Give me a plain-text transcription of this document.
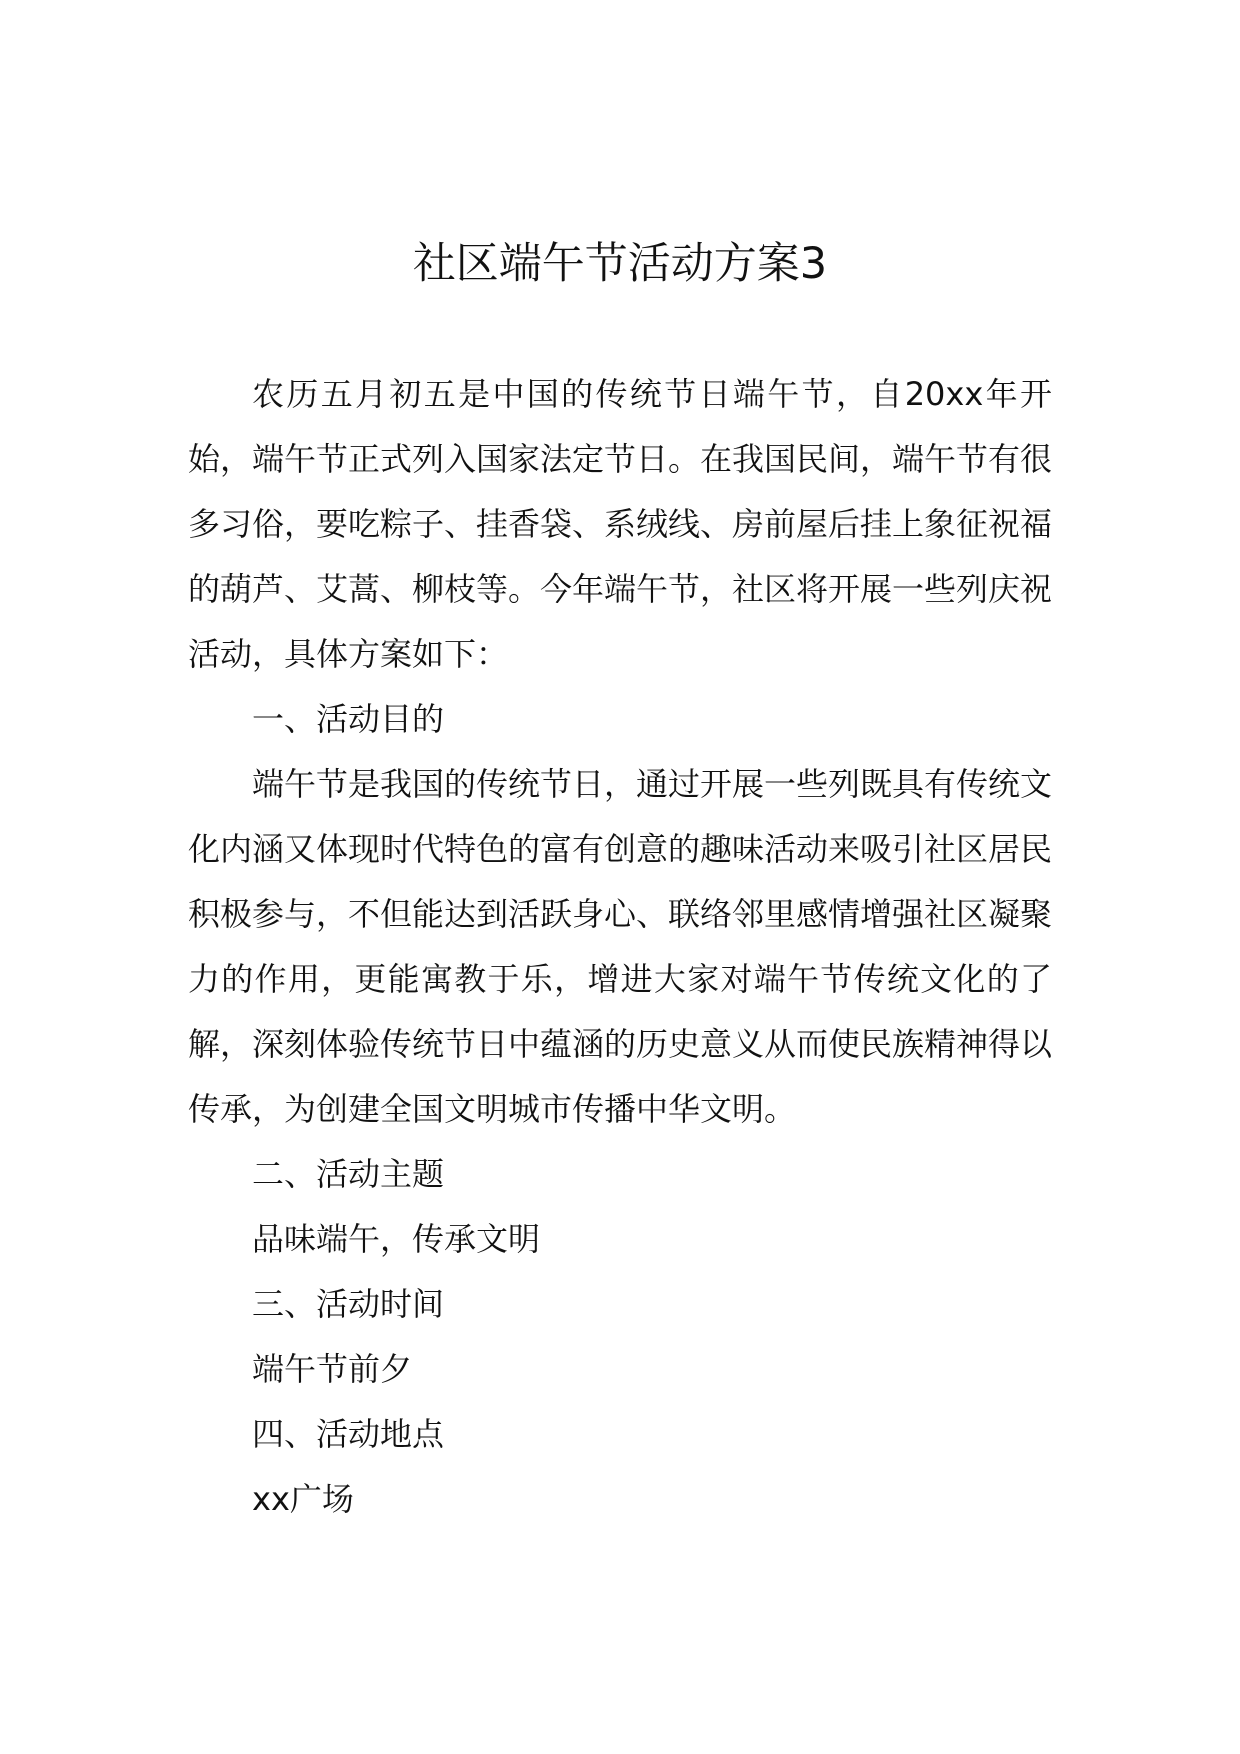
社区端午节活动方案3

农历五月初五是中国的传统节日端午节，自20xx年开始，端午节正式列入国家法定节日。在我国民间，端午节有很多习俗，要吃粽子、挂香袋、系绒线、房前屋后挂上象征祝福的葫芦、艾蒿、柳枝等。今年端午节，社区将开展一些列庆祝活动，具体方案如下：

一、活动目的

端午节是我国的传统节日，通过开展一些列既具有传统文化内涵又体现时代特色的富有创意的趣味活动来吸引社区居民积极参与，不但能达到活跃身心、联络邻里感情增强社区凝聚力的作用，更能寓教于乐，增进大家对端午节传统文化的了解，深刻体验传统节日中蕴涵的历史意义从而使民族精神得以传承，为创建全国文明城市传播中华文明。

二、活动主题

品味端午，传承文明

三、活动时间

端午节前夕

四、活动地点

xx广场
